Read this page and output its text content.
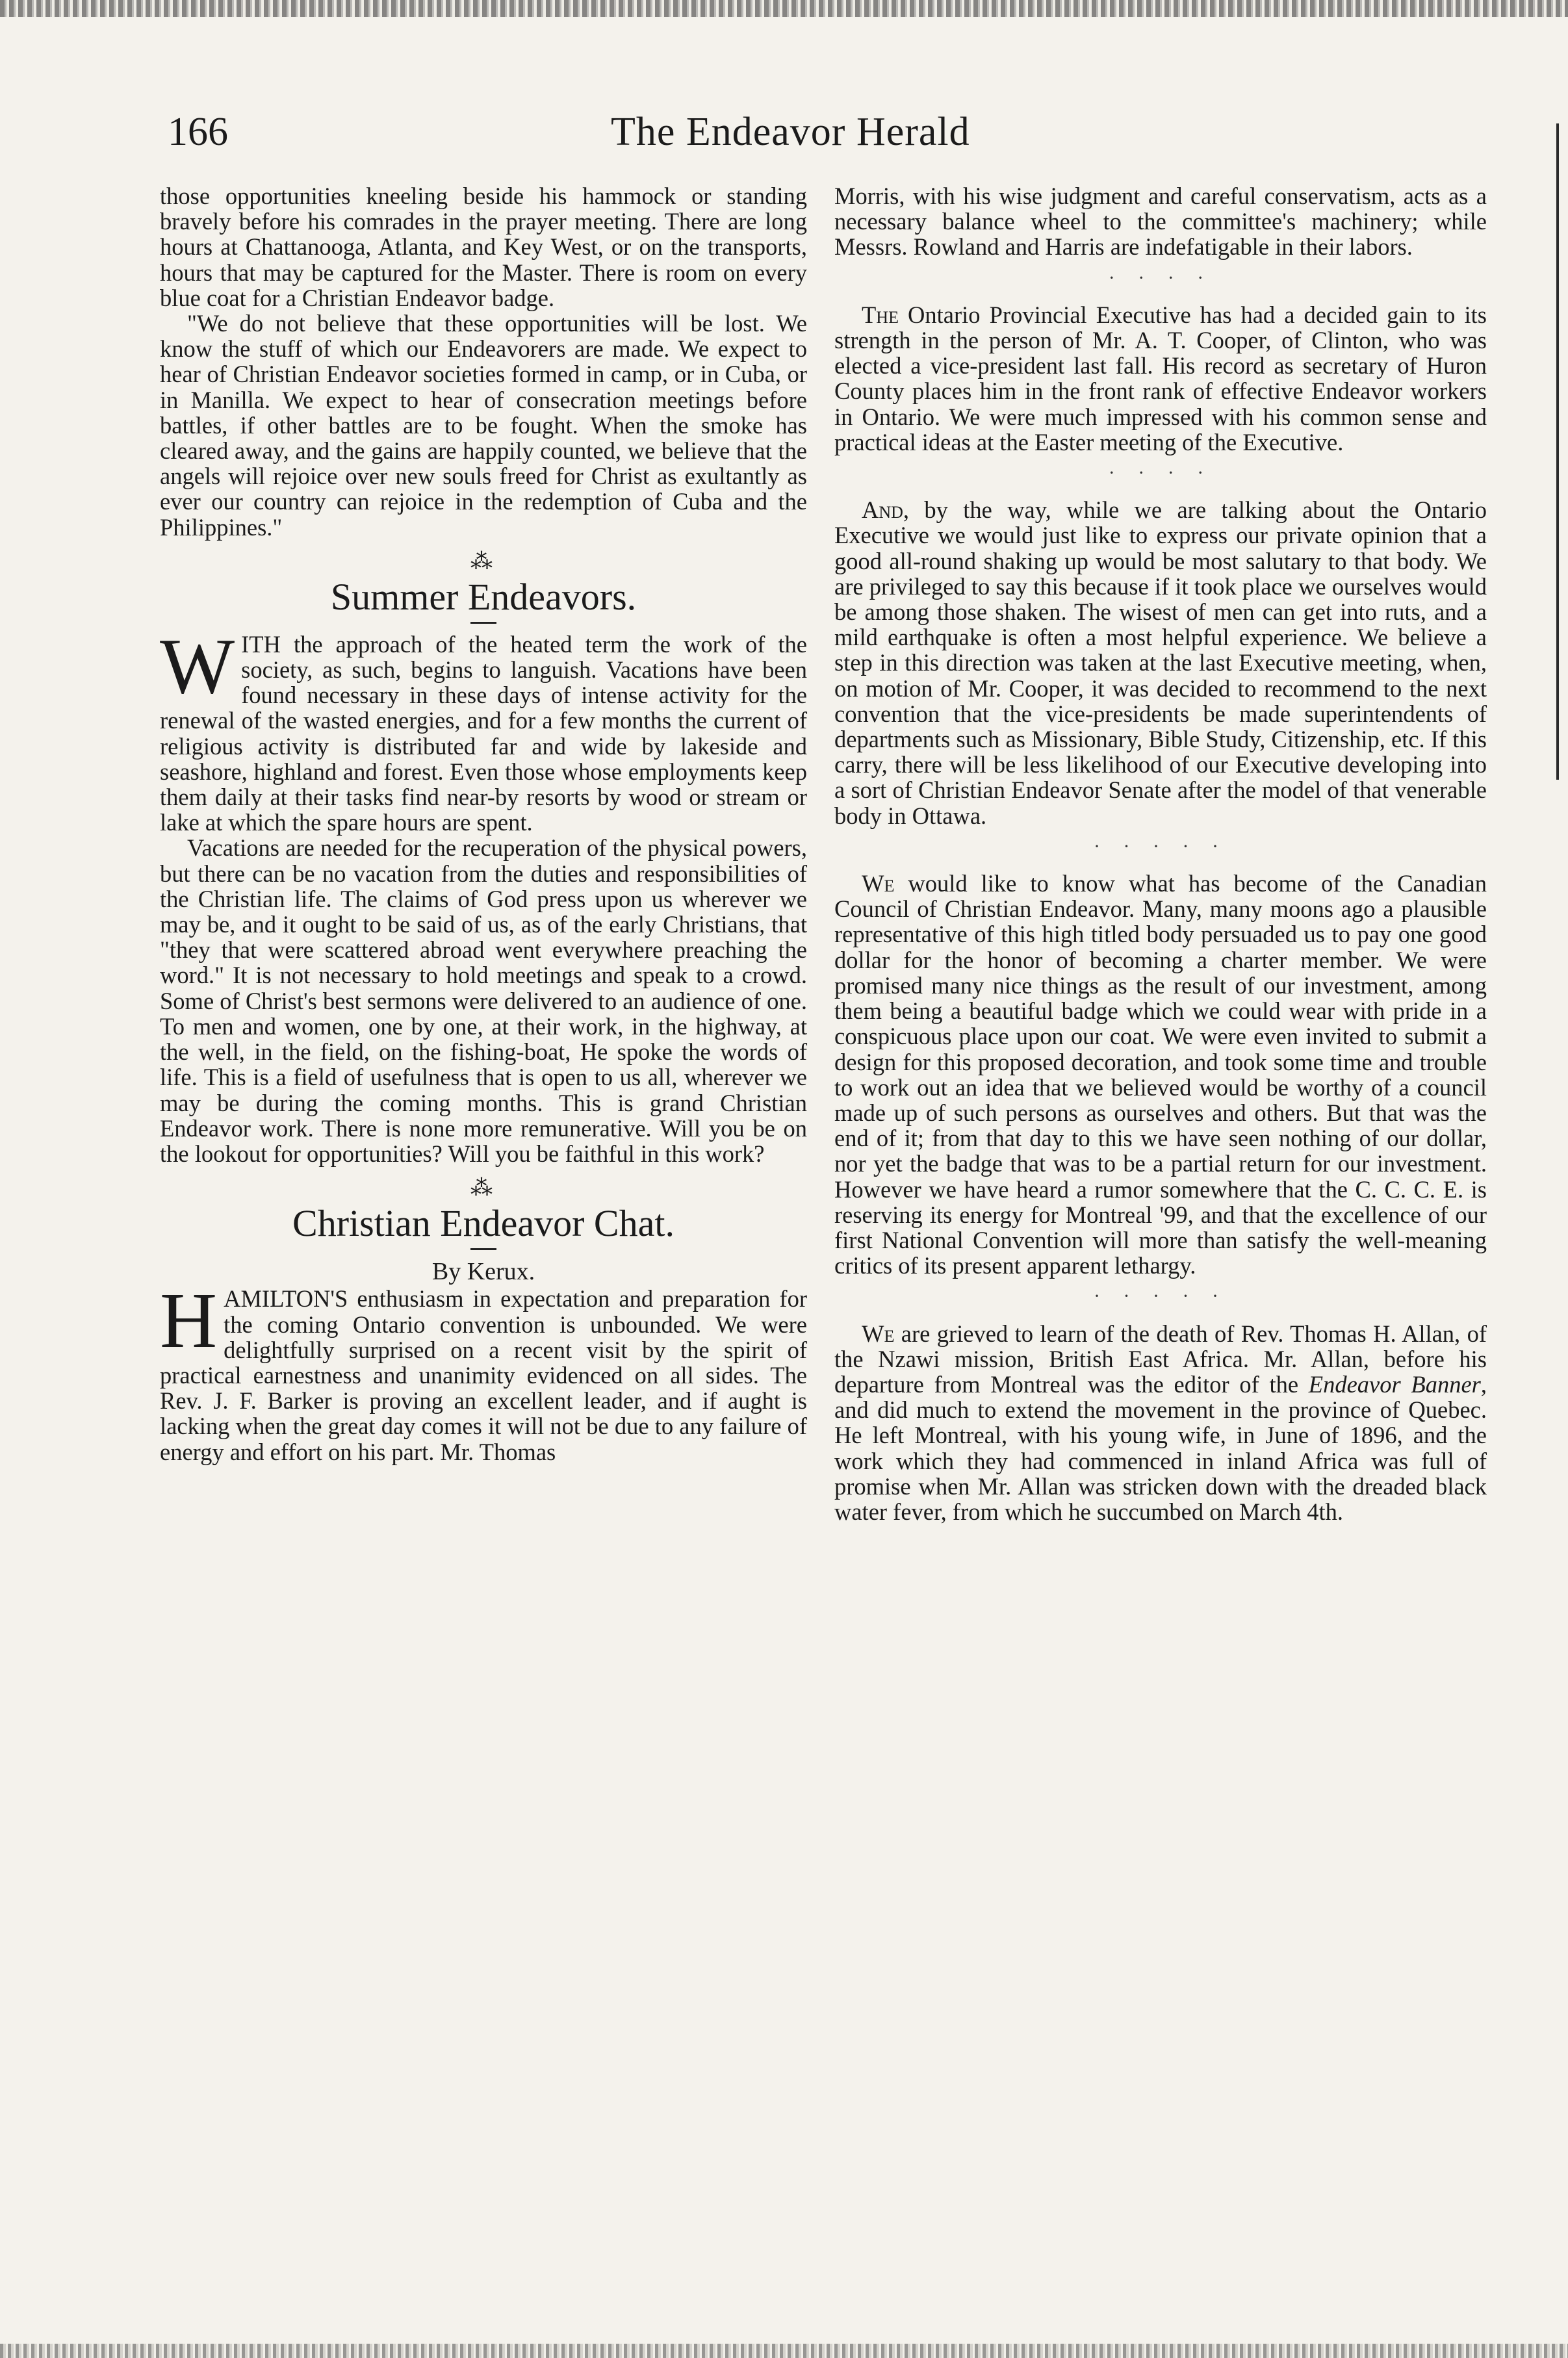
166	The Endeavor Herald

those opportunities kneeling beside his hammock or standing bravely before his comrades in the prayer meeting. There are long hours at Chattanooga, Atlanta, and Key West, or on the transports, hours that may be captured for the Master. There is room on every blue coat for a Christian Endeavor badge.

"We do not believe that these opportunities will be lost. We know the stuff of which our Endeavorers are made. We expect to hear of Christian Endeavor societies formed in camp, or in Cuba, or in Manilla. We expect to hear of consecration meetings before battles, if other battles are to be fought. When the smoke has cleared away, and the gains are happily counted, we believe that the angels will rejoice over new souls freed for Christ as exultantly as ever our country can rejoice in the redemption of Cuba and the Philippines."

⁂
Summer Endeavors.

WITH the approach of the heated term the work of the society, as such, begins to languish. Vacations have been found necessary in these days of intense activity for the renewal of the wasted energies, and for a few months the current of religious activity is distributed far and wide by lakeside and seashore, highland and forest. Even those whose employments keep them daily at their tasks find near-by resorts by wood or stream or lake at which the spare hours are spent.

Vacations are needed for the recuperation of the physical powers, but there can be no vacation from the duties and responsibilities of the Christian life. The claims of God press upon us wherever we may be, and it ought to be said of us, as of the early Christians, that "they that were scattered abroad went everywhere preaching the word." It is not necessary to hold meetings and speak to a crowd. Some of Christ's best sermons were delivered to an audience of one. To men and women, one by one, at their work, in the highway, at the well, in the field, on the fishing-boat, He spoke the words of life. This is a field of usefulness that is open to us all, wherever we may be during the coming months. This is grand Christian Endeavor work. There is none more remunerative. Will you be on the lookout for opportunities? Will you be faithful in this work?

⁂
Christian Endeavor Chat.
By Kerux.

HAMILTON'S enthusiasm in expectation and preparation for the coming Ontario convention is unbounded. We were delightfully surprised on a recent visit by the spirit of practical earnestness and unanimity evidenced on all sides. The Rev. J. F. Barker is proving an excellent leader, and if aught is lacking when the great day comes it will not be due to any failure of energy and effort on his part. Mr. Thomas

Morris, with his wise judgment and careful conservatism, acts as a necessary balance wheel to the committee's machinery; while Messrs. Rowland and Harris are indefatigable in their labors.

· · · ·

The Ontario Provincial Executive has had a decided gain to its strength in the person of Mr. A. T. Cooper, of Clinton, who was elected a vice-president last fall. His record as secretary of Huron County places him in the front rank of effective Endeavor workers in Ontario. We were much impressed with his common sense and practical ideas at the Easter meeting of the Executive.

· · · ·

And, by the way, while we are talking about the Ontario Executive we would just like to express our private opinion that a good all-round shaking up would be most salutary to that body. We are privileged to say this because if it took place we ourselves would be among those shaken. The wisest of men can get into ruts, and a mild earthquake is often a most helpful experience. We believe a step in this direction was taken at the last Executive meeting, when, on motion of Mr. Cooper, it was decided to recommend to the next convention that the vice-presidents be made superintendents of departments such as Missionary, Bible Study, Citizenship, etc. If this carry, there will be less likelihood of our Executive developing into a sort of Christian Endeavor Senate after the model of that venerable body in Ottawa.

· · · · ·

We would like to know what has become of the Canadian Council of Christian Endeavor. Many, many moons ago a plausible representative of this high titled body persuaded us to pay one good dollar for the honor of becoming a charter member. We were promised many nice things as the result of our investment, among them being a beautiful badge which we could wear with pride in a conspicuous place upon our coat. We were even invited to submit a design for this proposed decoration, and took some time and trouble to work out an idea that we believed would be worthy of a council made up of such persons as ourselves and others. But that was the end of it; from that day to this we have seen nothing of our dollar, nor yet the badge that was to be a partial return for our investment. However we have heard a rumor somewhere that the C. C. C. E. is reserving its energy for Montreal '99, and that the excellence of our first National Convention will more than satisfy the well-meaning critics of its present apparent lethargy.

· · · · ·

We are grieved to learn of the death of Rev. Thomas H. Allan, of the Nzawi mission, British East Africa. Mr. Allan, before his departure from Montreal was the editor of the Endeavor Banner, and did much to extend the movement in the province of Quebec. He left Montreal, with his young wife, in June of 1896, and the work which they had commenced in inland Africa was full of promise when Mr. Allan was stricken down with the dreaded black water fever, from which he succumbed on March 4th.
